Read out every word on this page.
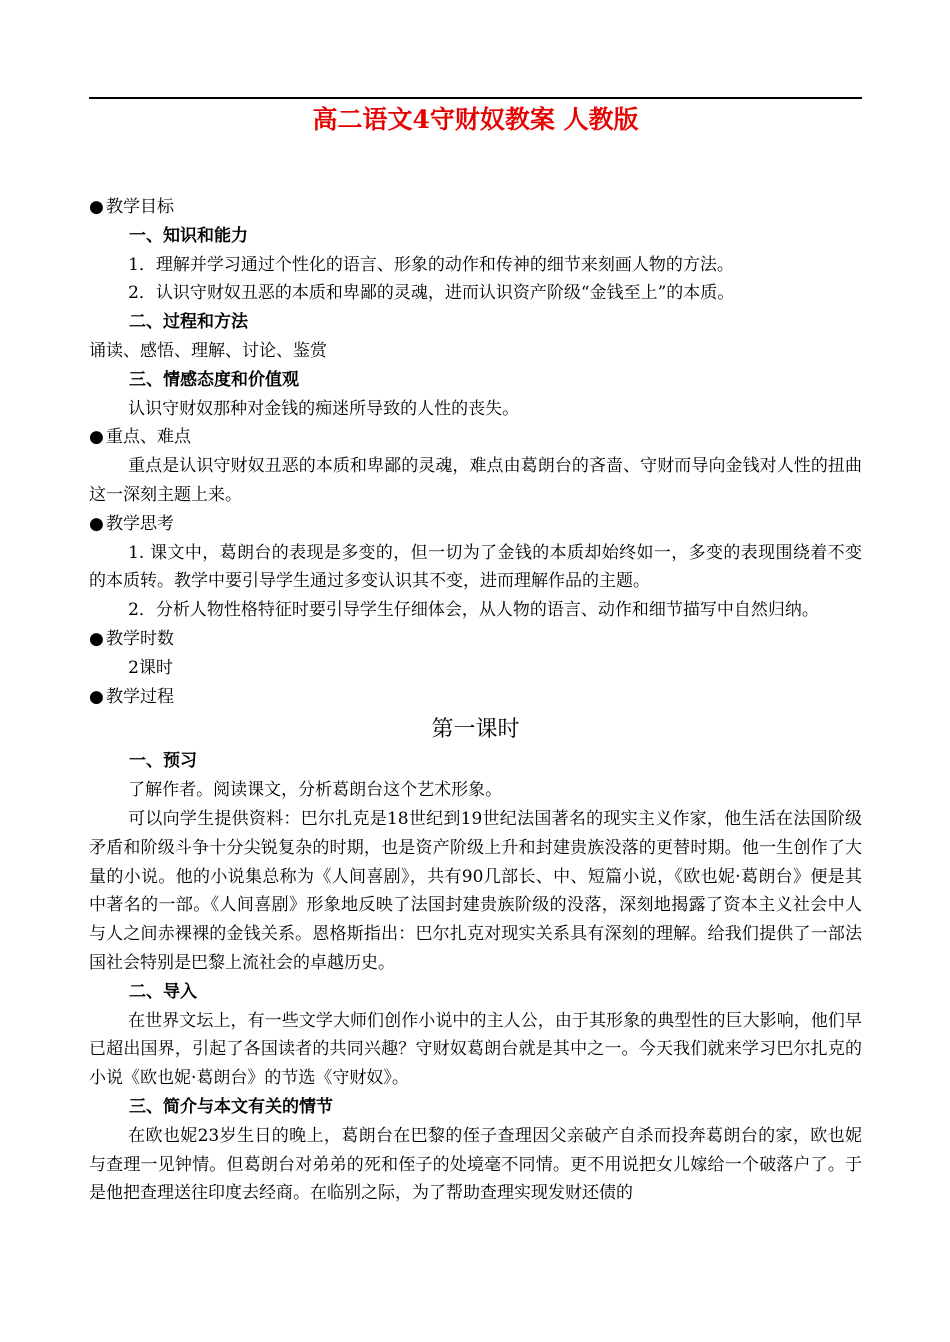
高二语文4守财奴教案 人教版

● 教学目标

一、知识和能力

1．理解并学习通过个性化的语言、形象的动作和传神的细节来刻画人物的方法。

2．认识守财奴丑恶的本质和卑鄙的灵魂，进而认识资产阶级“金钱至上”的本质。

二、过程和方法

诵读、感悟、理解、讨论、鉴赏

三、情感态度和价值观

认识守财奴那种对金钱的痴迷所导致的人性的丧失。

● 重点、难点

重点是认识守财奴丑恶的本质和卑鄙的灵魂，难点由葛朗台的吝啬、守财而导向金钱对人性的扭曲这一深刻主题上来。

● 教学思考

1. 课文中，葛朗台的表现是多变的，但一切为了金钱的本质却始终如一，多变的表现围绕着不变的本质转。教学中要引导学生通过多变认识其不变，进而理解作品的主题。

2．分析人物性格特征时要引导学生仔细体会，从人物的语言、动作和细节描写中自然归纳。

● 教学时数

2课时

● 教学过程

第一课时

一、预习

了解作者。阅读课文，分析葛朗台这个艺术形象。

可以向学生提供资料：巴尔扎克是18世纪到19世纪法国著名的现实主义作家，他生活在法国阶级矛盾和阶级斗争十分尖锐复杂的时期，也是资产阶级上升和封建贵族没落的更替时期。他一生创作了大量的小说。他的小说集总称为《人间喜剧》，共有90几部长、中、短篇小说，《欧也妮·葛朗台》便是其中著名的一部。《人间喜剧》形象地反映了法国封建贵族阶级的没落，深刻地揭露了资本主义社会中人与人之间赤裸裸的金钱关系。恩格斯指出：巴尔扎克对现实关系具有深刻的理解。给我们提供了一部法国社会特别是巴黎上流社会的卓越历史。

二、导入

在世界文坛上，有一些文学大师们创作小说中的主人公，由于其形象的典型性的巨大影响，他们早已超出国界，引起了各国读者的共同兴趣？守财奴葛朗台就是其中之一。今天我们就来学习巴尔扎克的小说《欧也妮·葛朗台》的节选《守财奴》。

三、简介与本文有关的情节

在欧也妮23岁生日的晚上，葛朗台在巴黎的侄子查理因父亲破产自杀而投奔葛朗台的家，欧也妮与查理一见钟情。但葛朗台对弟弟的死和侄子的处境毫不同情。更不用说把女儿嫁给一个破落户了。于是他把查理送往印度去经商。在临别之际，为了帮助查理实现发财还债的
